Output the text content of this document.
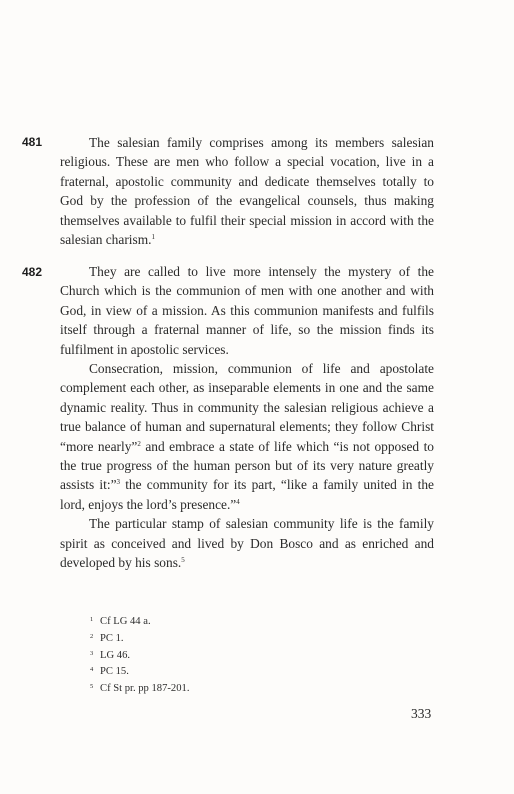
481	The salesian family comprises among its members salesian religious. These are men who follow a special vocation, live in a fraternal, apostolic community and dedicate themselves totally to God by the profession of the evangelical counsels, thus making themselves available to fulfil their special mission in accord with the salesian charism.$^1$

482	They are called to live more intensely the mystery of the Church which is the communion of men with one another and with God, in view of a mission. As this communion manifests and fulfils itself through a fraternal manner of life, so the mission finds its fulfilment in apostolic services.

Consecration, mission, communion of life and apostolate complement each other, as inseparable elements in one and the same dynamic reality. Thus in community the salesian religious achieve a true balance of human and supernatural elements; they follow Christ “more nearly”$^2$ and embrace a state of life which “is not opposed to the true progress of the human person but of its very nature greatly assists it:”$^3$ the community for its part, “like a family united in the lord, enjoys the lord’s presence.”$^4$

The particular stamp of salesian community life is the family spirit as conceived and lived by Don Bosco and as enriched and developed by his sons.$^5$

1 Cf LG 44 a.
2 PC 1.
3 LG 46.
4 PC 15.
5 Cf St pr. pp 187-201.
333
